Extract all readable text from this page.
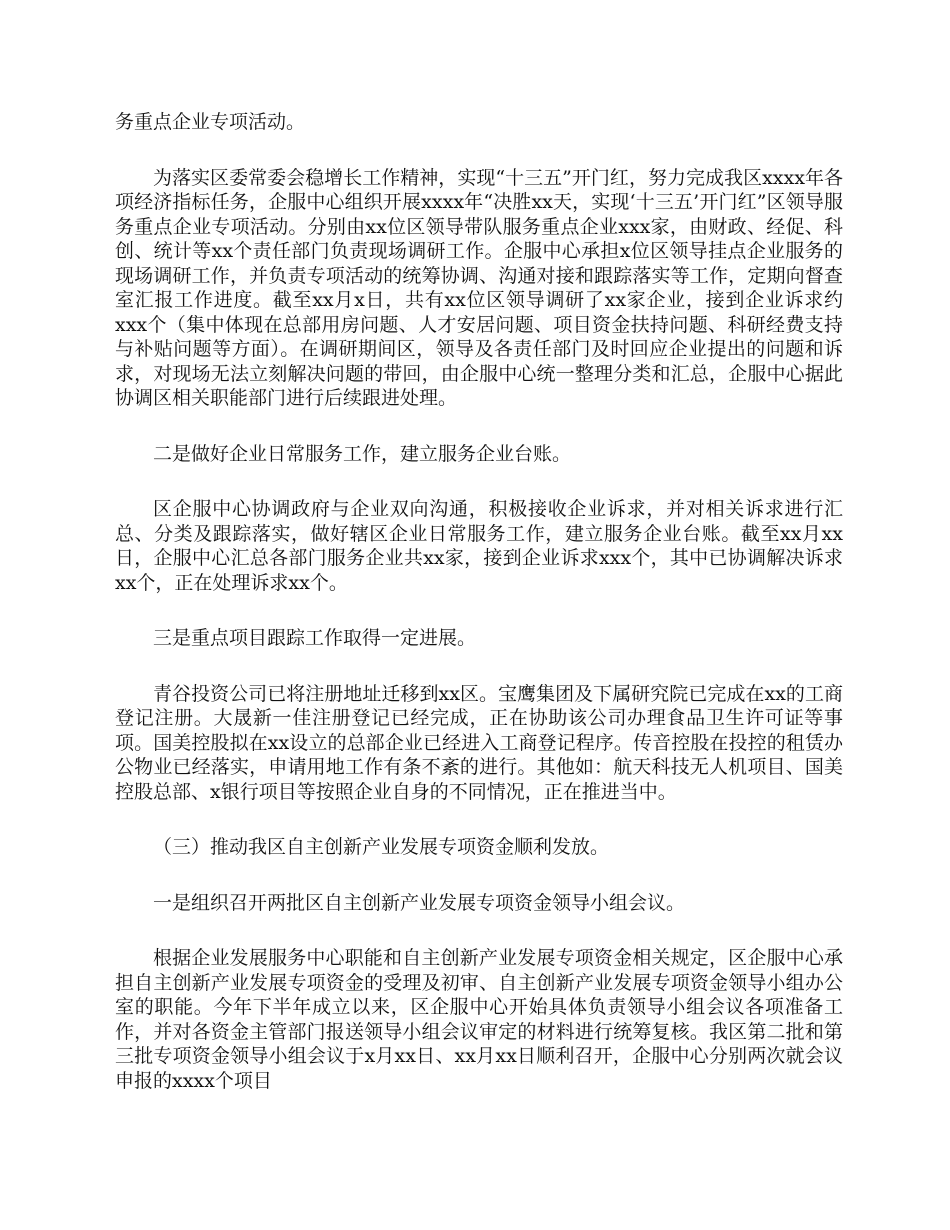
务重点企业专项活动。

为落实区委常委会稳增长工作精神，实现“十三五”开门红，努力完成我区xxxx年各项经济指标任务，企服中心组织开展xxxx年“决胜xx天，实现‘十三五’开门红”区领导服务重点企业专项活动。分别由xx位区领导带队服务重点企业xxx家，由财政、经促、科创、统计等xx个责任部门负责现场调研工作。企服中心承担x位区领导挂点企业服务的现场调研工作，并负责专项活动的统筹协调、沟通对接和跟踪落实等工作，定期向督查室汇报工作进度。截至xx月x日，共有xx位区领导调研了xx家企业，接到企业诉求约xxx个（集中体现在总部用房问题、人才安居问题、项目资金扶持问题、科研经费支持与补贴问题等方面）。在调研期间区，领导及各责任部门及时回应企业提出的问题和诉求，对现场无法立刻解决问题的带回，由企服中心统一整理分类和汇总，企服中心据此协调区相关职能部门进行后续跟进处理。

二是做好企业日常服务工作，建立服务企业台账。

区企服中心协调政府与企业双向沟通，积极接收企业诉求，并对相关诉求进行汇总、分类及跟踪落实，做好辖区企业日常服务工作，建立服务企业台账。截至xx月xx日，企服中心汇总各部门服务企业共xx家，接到企业诉求xxx个，其中已协调解决诉求xx个，正在处理诉求xx个。

三是重点项目跟踪工作取得一定进展。

青谷投资公司已将注册地址迁移到xx区。宝鹰集团及下属研究院已完成在xx的工商登记注册。大晟新一佳注册登记已经完成，正在协助该公司办理食品卫生许可证等事项。国美控股拟在xx设立的总部企业已经进入工商登记程序。传音控股在投控的租赁办公物业已经落实，申请用地工作有条不紊的进行。其他如：航天科技无人机项目、国美控股总部、x银行项目等按照企业自身的不同情况，正在推进当中。

（三）推动我区自主创新产业发展专项资金顺利发放。

一是组织召开两批区自主创新产业发展专项资金领导小组会议。

根据企业发展服务中心职能和自主创新产业发展专项资金相关规定，区企服中心承担自主创新产业发展专项资金的受理及初审、自主创新产业发展专项资金领导小组办公室的职能。今年下半年成立以来，区企服中心开始具体负责领导小组会议各项准备工作，并对各资金主管部门报送领导小组会议审定的材料进行统筹复核。我区第二批和第三批专项资金领导小组会议于x月xx日、xx月xx日顺利召开，企服中心分别两次就会议申报的xxxx个项目
